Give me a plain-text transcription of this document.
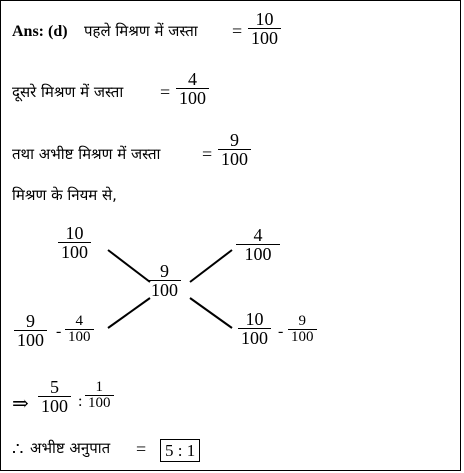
Ans: (d) पहले मिश्रण में जस्ता =
10
100
दूसरे मिश्रण में जस्ता =
4
100
तथा अभीष्ट मिश्रण में जस्ता =
9
100
मिश्रण के नियम से,
10
100
4
100
9
100
9
100 -
4
100
10
100 -
9
100
⇒
5
100 :
1
100
∴ अभीष्ट अनुपात = 5 : 1
